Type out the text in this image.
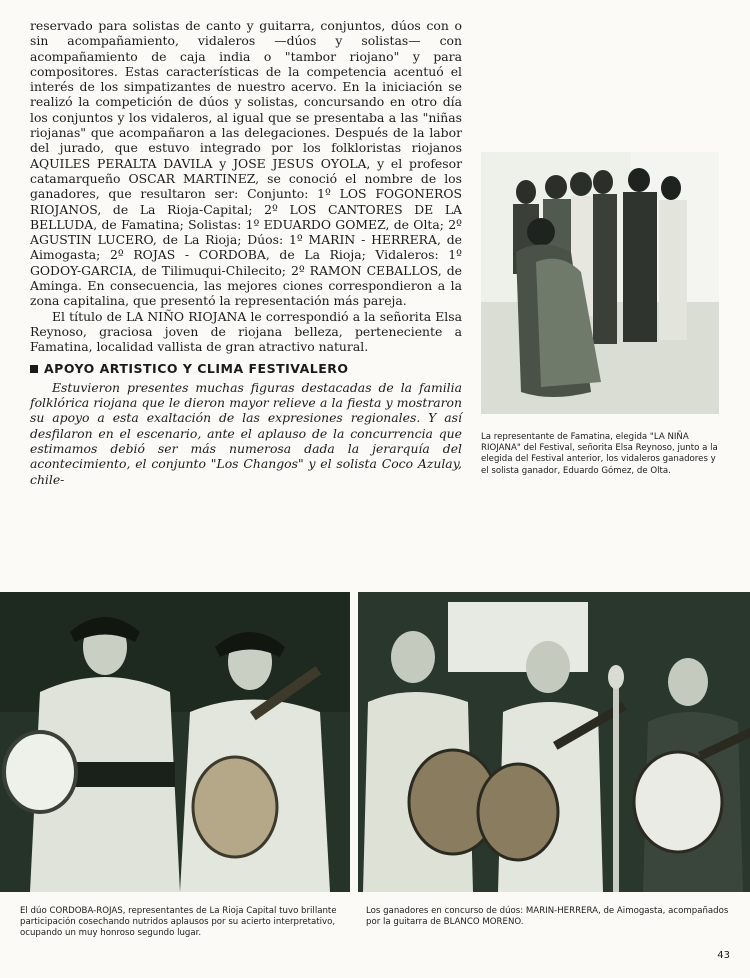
reservado para solistas de canto y guitarra, conjuntos, dúos con o sin acompañamiento, vidaleros —dúos y solistas— con acompañamiento de caja india o "tambor riojano" y para compositores. Estas características de la competencia acentuó el interés de los simpatizantes de nuestro acervo. En la iniciación se realizó la competición de dúos y solistas, concursando en otro día los conjuntos y los vidaleros, al igual que se presentaba a las "niñas riojanas" que acompañaron a las delegaciones. Después de la labor del jurado, que estuvo integrado por los folkloristas riojanos AQUILES PERALTA DAVILA y JOSE JESUS OYOLA, y el profesor catamarqueño OSCAR MARTINEZ, se conoció el nombre de los ganadores, que resultaron ser: Conjunto: 1º LOS FOGONEROS RIOJANOS, de La Rioja-Capital; 2º LOS CANTORES DE LA BELLUDA, de Famatina; Solistas: 1º EDUARDO GOMEZ, de Olta; 2º AGUSTIN LUCERO, de La Rioja; Dúos: 1º MARIN - HERRERA, de Aimogasta; 2º ROJAS - CORDOBA, de La Rioja; Vidaleros: 1º GODOY-GARCIA, de Tilimuqui-Chilecito; 2º RAMON CEBALLOS, de Aminga. En consecuencia, las mejores ciones correspondieron a la zona capitalina, que presentó la representación más pareja.

El título de LA NIÑO RIOJANA le correspondió a la señorita Elsa Reynoso, graciosa joven de riojana belleza, perteneciente a Famatina, localidad vallista de gran atractivo natural.

APOYO ARTISTICO Y CLIMA FESTIVALERO

Estuvieron presentes muchas figuras destacadas de la familia folklórica riojana que le dieron mayor relieve a la fiesta y mostraron su apoyo a esta exaltación de las expresiones regionales. Y así desfilaron en el escenario, ante el aplauso de la concurrencia que estimamos debió ser más numerosa dada la jerarquía del acontecimiento, el conjunto "Los Changos" y el solista Coco Azulay, chile-

La representante de Famatina, elegida "LA NIÑA RIOJANA" del Festival, señorita Elsa Reynoso, junto a la elegida del Festival anterior, los vidaleros ganadores y el solista ganador, Eduardo Gómez, de Olta.
El dúo CORDOBA-ROJAS, representantes de La Rioja Capital tuvo brillante participación cosechando nutridos aplausos por su acierto interpretativo, ocupando un muy honroso segundo lugar.
Los ganadores en concurso de dúos: MARIN-HERRERA, de Aimogasta, acompañados por la guitarra de BLANCO MORENO.
43
